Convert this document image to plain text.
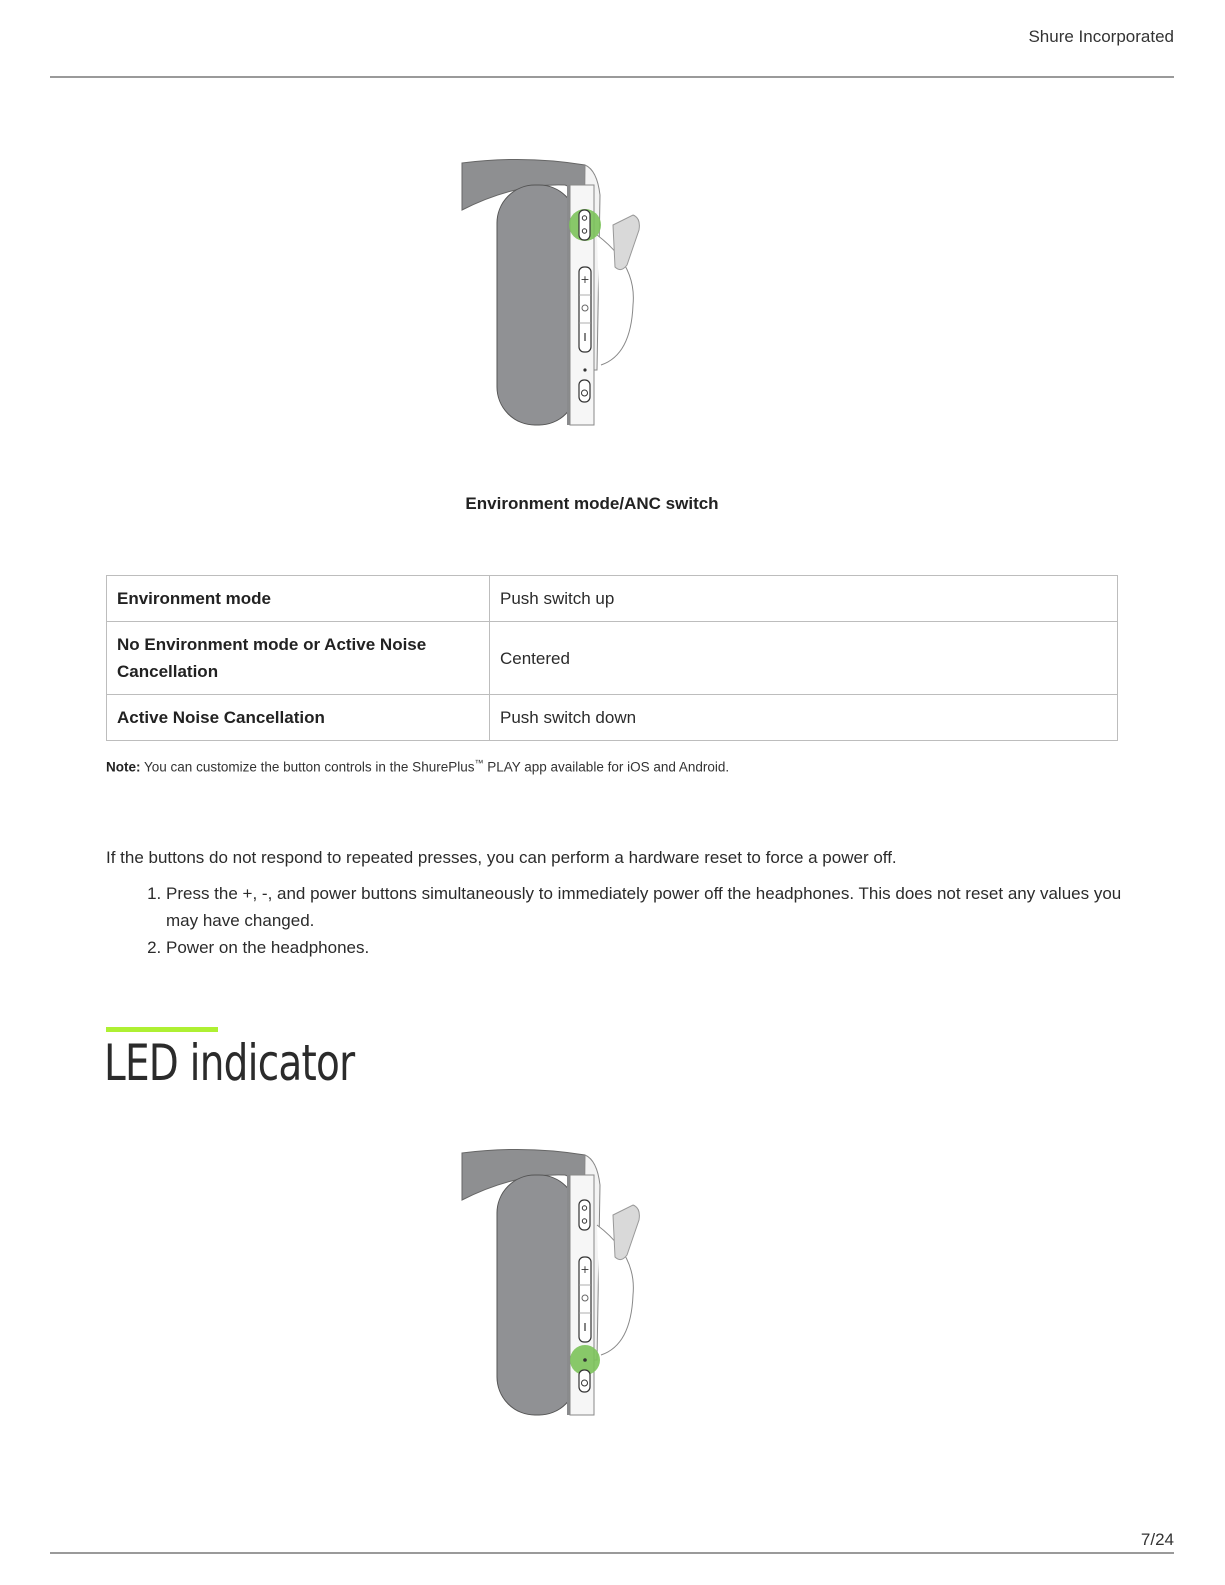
Shure Incorporated
+
Environment mode/ANC switch
Environment mode	Push switch up
No Environment mode or Active Noise Cancellation	Centered
Active Noise Cancellation	Push switch down
Note: You can customize the button controls in the ShurePlus™ PLAY app available for iOS and Android.
If the buttons do not respond to repeated presses, you can perform a hardware reset to force a power off.
1. Press the +, -, and power buttons simultaneously to immediately power off the headphones. This does not reset any values you may have changed.
2. Power on the headphones.
LED indicator
+
7/24
